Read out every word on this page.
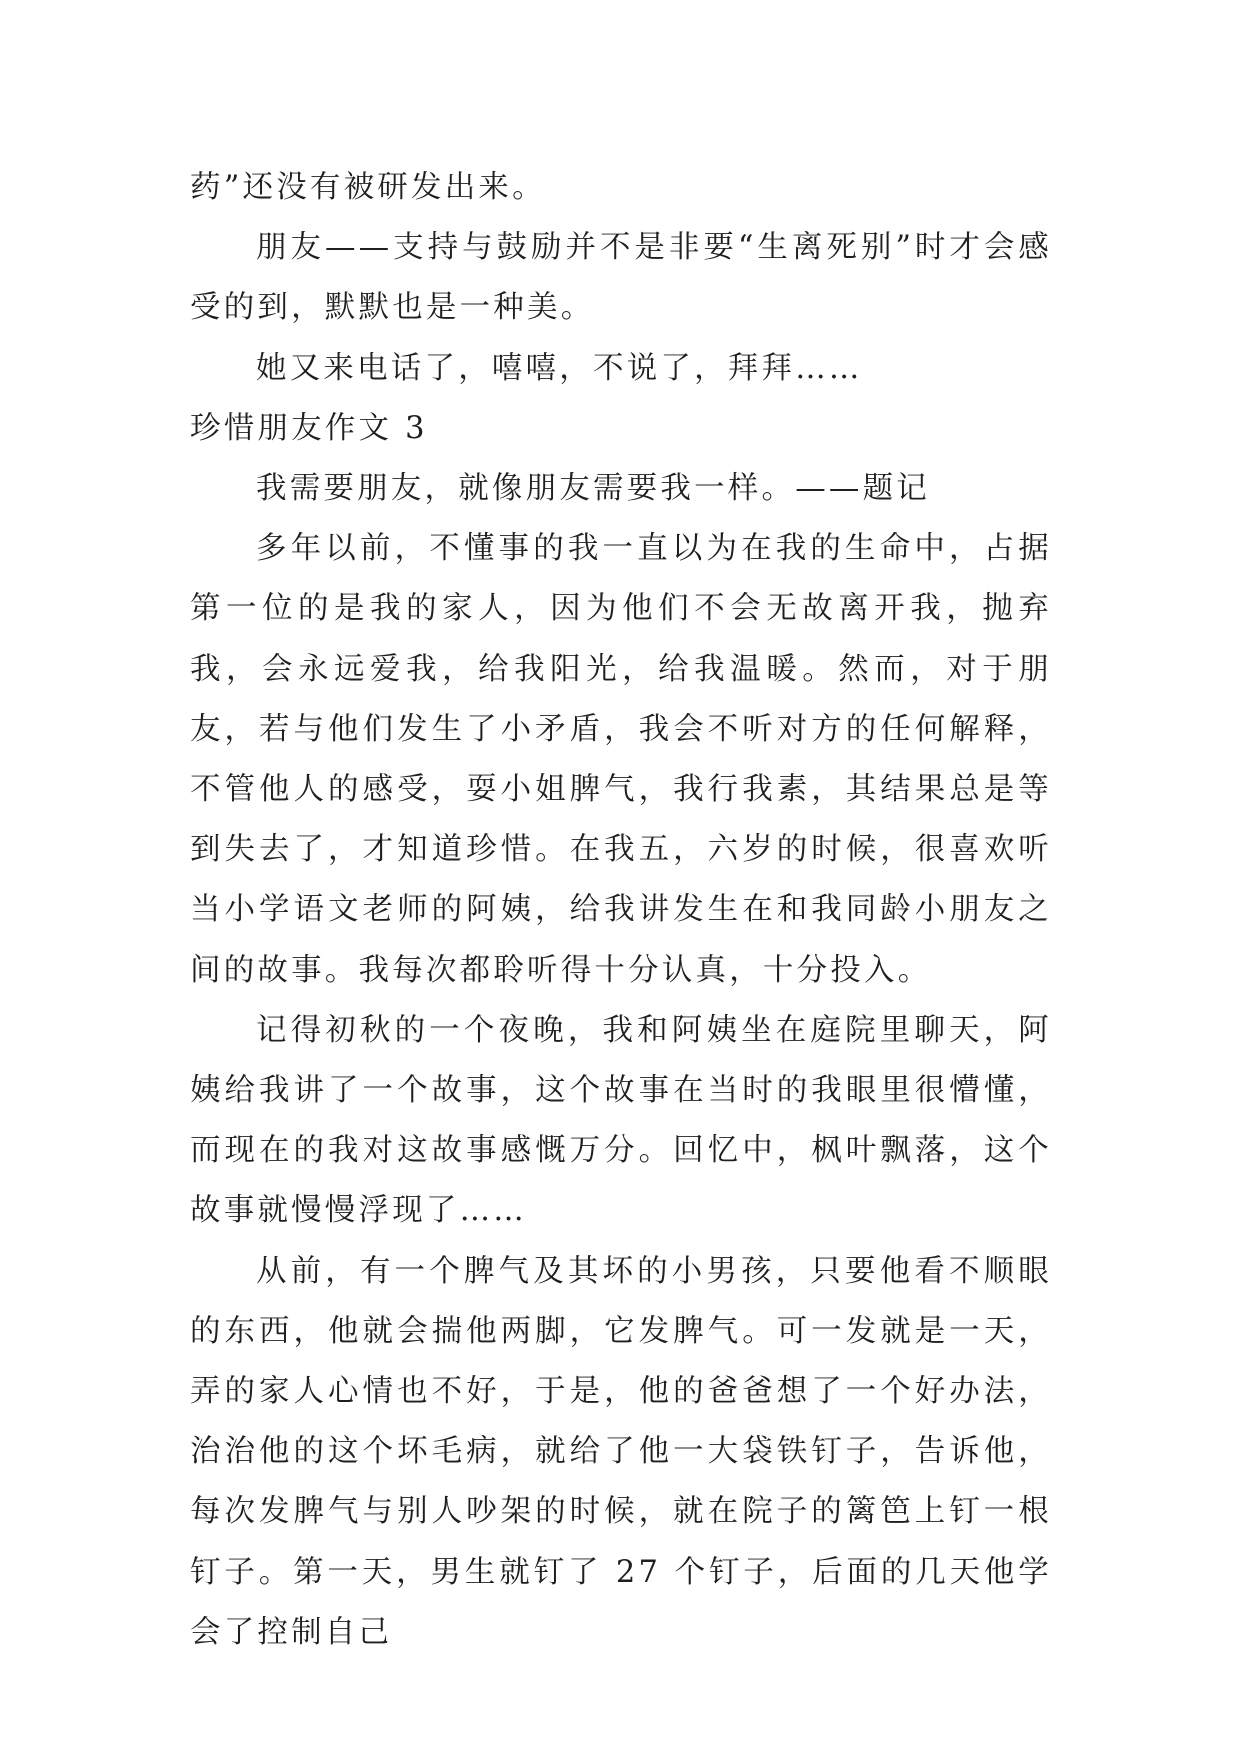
药”还没有被研发出来。

朋友——支持与鼓励并不是非要“生离死别”时才会感受的到，默默也是一种美。

她又来电话了，嘻嘻，不说了，拜拜……

珍惜朋友作文 3

我需要朋友，就像朋友需要我一样。——题记

多年以前，不懂事的我一直以为在我的生命中，占据第一位的是我的家人，因为他们不会无故离开我，抛弃我，会永远爱我，给我阳光，给我温暖。然而，对于朋友，若与他们发生了小矛盾，我会不听对方的任何解释，不管他人的感受，耍小姐脾气，我行我素，其结果总是等到失去了，才知道珍惜。在我五，六岁的时候，很喜欢听当小学语文老师的阿姨，给我讲发生在和我同龄小朋友之间的故事。我每次都聆听得十分认真，十分投入。

记得初秋的一个夜晚，我和阿姨坐在庭院里聊天，阿姨给我讲了一个故事，这个故事在当时的我眼里很懵懂，而现在的我对这故事感慨万分。回忆中，枫叶飘落，这个故事就慢慢浮现了……

从前，有一个脾气及其坏的小男孩，只要他看不顺眼的东西，他就会揣他两脚，它发脾气。可一发就是一天，弄的家人心情也不好，于是，他的爸爸想了一个好办法，治治他的这个坏毛病，就给了他一大袋铁钉子，告诉他，每次发脾气与别人吵架的时候，就在院子的篱笆上钉一根钉子。第一天，男生就钉了 27 个钉子，后面的几天他学会了控制自己
